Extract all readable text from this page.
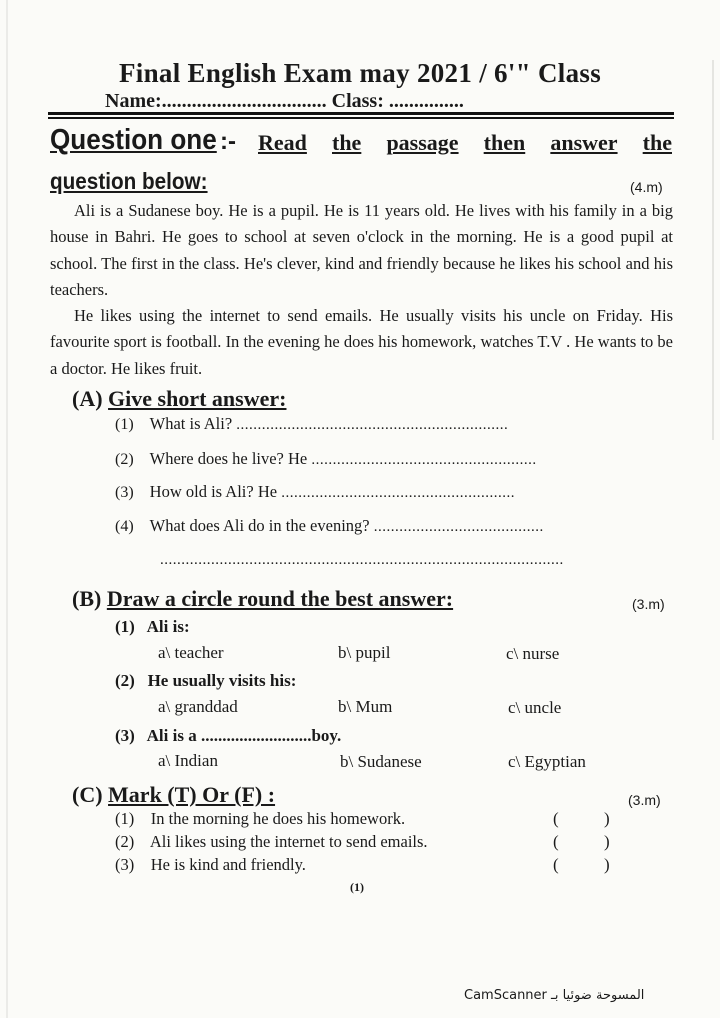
Final English Exam may 2021 / 6'" Class
Name:................................. Class: ...............
Question one :- Read the passage then answer the
question below:	(4.m)

Ali is a Sudanese boy. He is a pupil. He is 11 years old. He lives with his family in a big house in Bahri. He goes to school at seven o'clock in the morning. He is a good pupil at school. The first in the class. He's clever, kind and friendly because he likes his school and his teachers.

He likes using the internet to send emails. He usually visits his uncle on Friday. His favourite sport is football. In the evening he does his homework, watches T.V . He wants to be a doctor. He likes fruit.

(A) Give short answer:
(1) What is Ali? ................................................................
(2) Where does he live? He .....................................................
(3) How old is Ali? He .......................................................
(4) What does Ali do in the evening? ........................................
...............................................................................................
(B) Draw a circle round the best answer:	(3.m)
(1) Ali is:
a\ teacher	b\ pupil	c\ nurse
(2) He usually visits his:
a\ granddad	b\ Mum	c\ uncle
(3) Ali is a ..........................boy.
a\ Indian	b\ Sudanese	c\ Egyptian
(C) Mark (T) Or (F) :	(3.m)
(1) In the morning he does his homework.	(	)
(2) Ali likes using the internet to send emails.	(	)
(3) He is kind and friendly.	(	)
(1)
CamScanner المسوحة ضوئيا بـ
